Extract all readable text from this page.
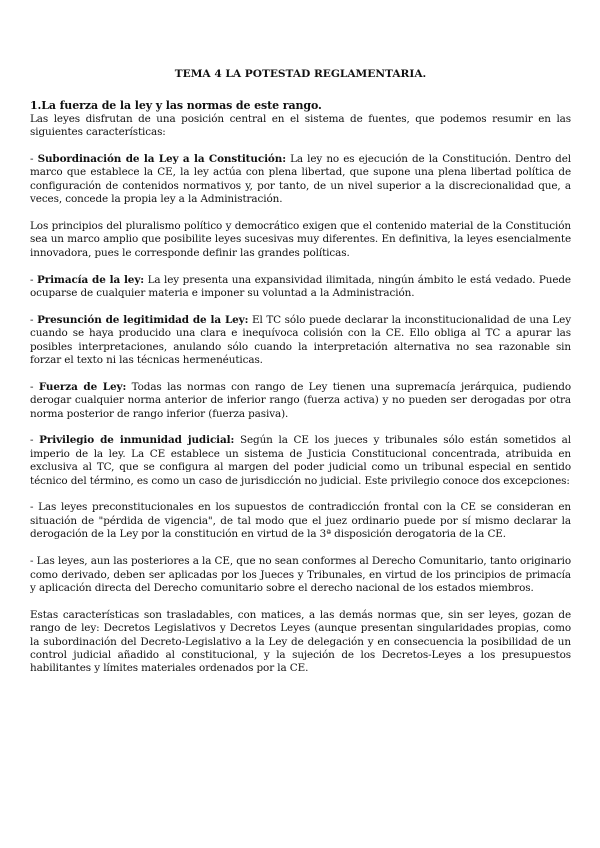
TEMA 4 LA POTESTAD REGLAMENTARIA.
1.La fuerza de la ley y las normas de este rango.

Las leyes disfrutan de una posición central en el sistema de fuentes, que podemos resumir en las siguientes características:

- Subordinación de la Ley a la Constitución: La ley no es ejecución de la Constitución. Dentro del marco que establece la CE, la ley actúa con plena libertad, que supone una plena libertad política de configuración de contenidos normativos y, por tanto, de un nivel superior a la discrecionalidad que, a veces, concede la propia ley a la Administración.

Los principios del pluralismo político y democrático exigen que el contenido material de la Constitución sea un marco amplio que posibilite leyes sucesivas muy diferentes. En definitiva, la leyes esencialmente innovadora, pues le corresponde definir las grandes políticas.

- Primacía de la ley: La ley presenta una expansividad ilimitada, ningún ámbito le está vedado. Puede ocuparse de cualquier materia e imponer su voluntad a la Administración.

- Presunción de legitimidad de la Ley: El TC sólo puede declarar la inconstitucionalidad de una Ley cuando se haya producido una clara e inequívoca colisión con la CE. Ello obliga al TC a apurar las posibles interpretaciones, anulando sólo cuando la interpretación alternativa no sea razonable sin forzar el texto ni las técnicas hermenéuticas.

- Fuerza de Ley: Todas las normas con rango de Ley tienen una supremacía jerárquica, pudiendo derogar cualquier norma anterior de inferior rango (fuerza activa) y no pueden ser derogadas por otra norma posterior de rango inferior (fuerza pasiva).

- Privilegio de inmunidad judicial: Según la CE los jueces y tribunales sólo están sometidos al imperio de la ley. La CE establece un sistema de Justicia Constitucional concentrada, atribuida en exclusiva al TC, que se configura al margen del poder judicial como un tribunal especial en sentido técnico del término, es como un caso de jurisdicción no judicial. Este privilegio conoce dos excepciones:

- Las leyes preconstitucionales en los supuestos de contradicción frontal con la CE se consideran en situación de "pérdida de vigencia", de tal modo que el juez ordinario puede por sí mismo declarar la derogación de la Ley por la constitución en virtud de la 3ª disposición derogatoria de la CE.

- Las leyes, aun las posteriores a la CE, que no sean conformes al Derecho Comunitario, tanto originario como derivado, deben ser aplicadas por los Jueces y Tribunales, en virtud de los principios de primacía y aplicación directa del Derecho comunitario sobre el derecho nacional de los estados miembros.

Estas características son trasladables, con matices, a las demás normas que, sin ser leyes, gozan de rango de ley: Decretos Legislativos y Decretos Leyes (aunque presentan singularidades propias, como la subordinación del Decreto-Legislativo a la Ley de delegación y en consecuencia la posibilidad de un control judicial añadido al constitucional, y la sujeción de los Decretos-Leyes a los presupuestos habilitantes y límites materiales ordenados por la CE.
